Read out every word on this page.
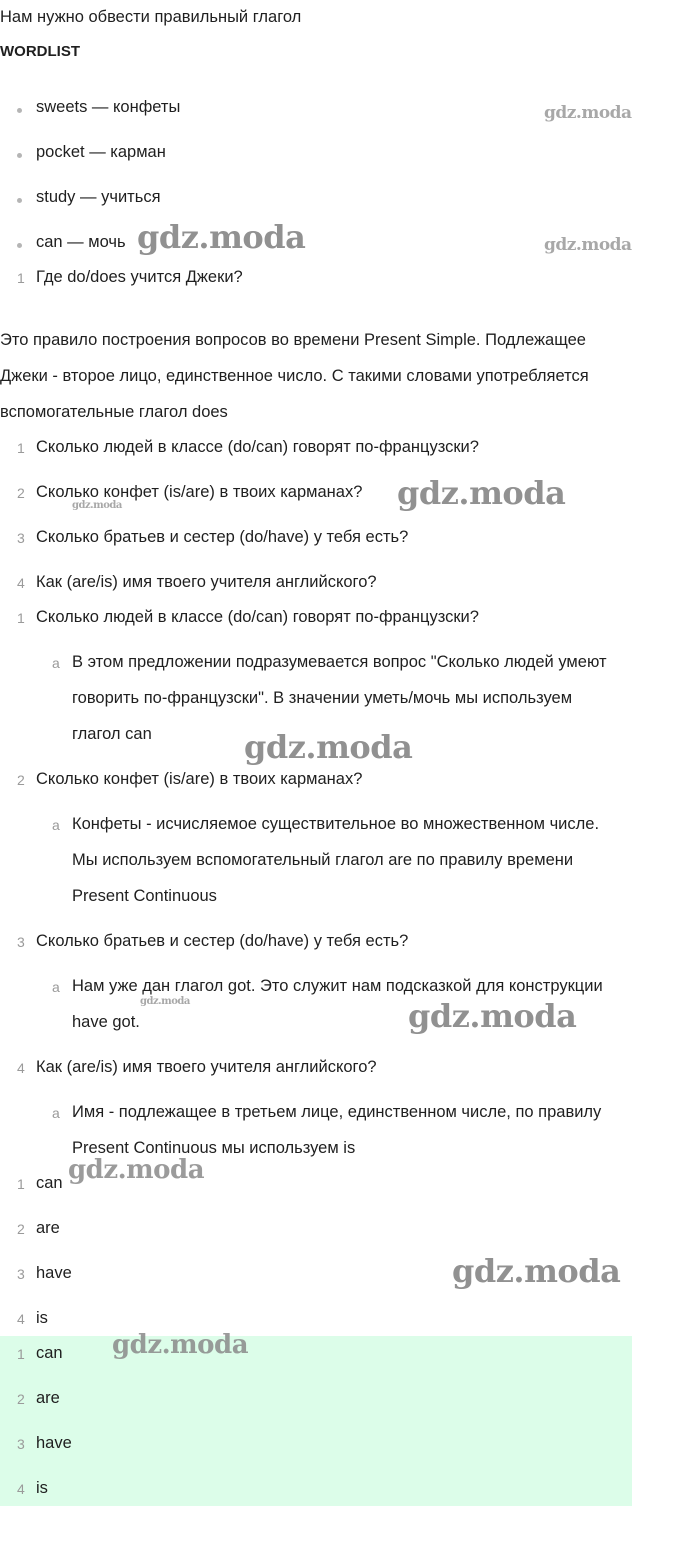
Нам нужно обвести правильный глагол
WORDLIST
sweets — конфеты
pocket — карман
study — учиться
can — мочь
1 Где do/does учится Джеки?
Это правило построения вопросов во времени Present Simple. Подлежащее
Джеки - второе лицо, единственное число. С такими словами употребляется
вспомогательные глагол does
1 Сколько людей в классе (do/can) говорят по-французски?
2 Сколько конфет (is/are) в твоих карманах?
3 Сколько братьев и сестер (do/have) у тебя есть?
4 Как (are/is) имя твоего учителя английского?
1 Сколько людей в классе (do/can) говорят по-французски?
a В этом предложении подразумевается вопрос "Сколько людей умеют
говорить по-французски". В значении уметь/мочь мы используем
глагол can
2 Сколько конфет (is/are) в твоих карманах?
a Конфеты - исчисляемое существительное во множественном числе.
Мы используем вспомогательный глагол are по правилу времени
Present Continuous
3 Сколько братьев и сестер (do/have) у тебя есть?
a Нам уже дан глагол got. Это служит нам подсказкой для конструкции
have got.
4 Как (are/is) имя твоего учителя английского?
a Имя - подлежащее в третьем лице, единственном числе, по правилу
Present Continuous мы используем is
1 can
2 are
3 have
4 is
1 can
2 are
3 have
4 is
gdz.moda
gdz.moda	gdz.moda
gdz.moda
gdz.moda
gdz.moda
gdz.moda	gdz.moda
gdz.moda
gdz.moda
gdz.moda
